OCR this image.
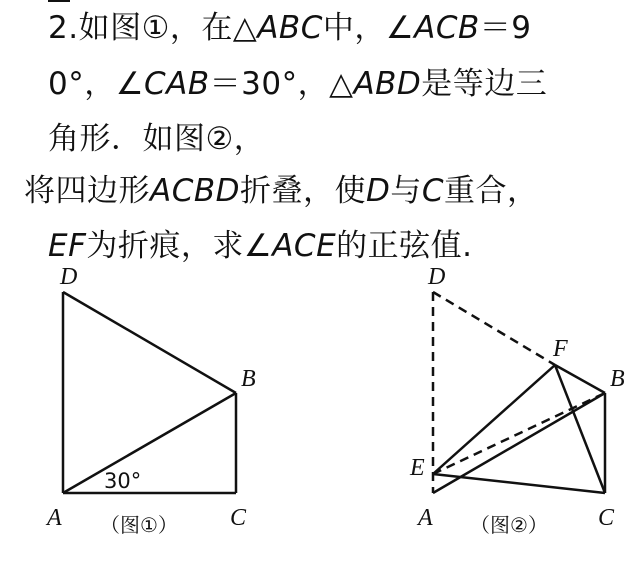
2.如图①，在△ABC中，∠ACB＝9
0°，∠CAB＝30°，△ABD是等边三
角形．如图②，
将四边形ACBD折叠，使D与C重合，
EF为折痕，求∠ACE的正弦值.
D
B
A	C
30°
（图①）
D
F
B
E
A	C
（图②）
